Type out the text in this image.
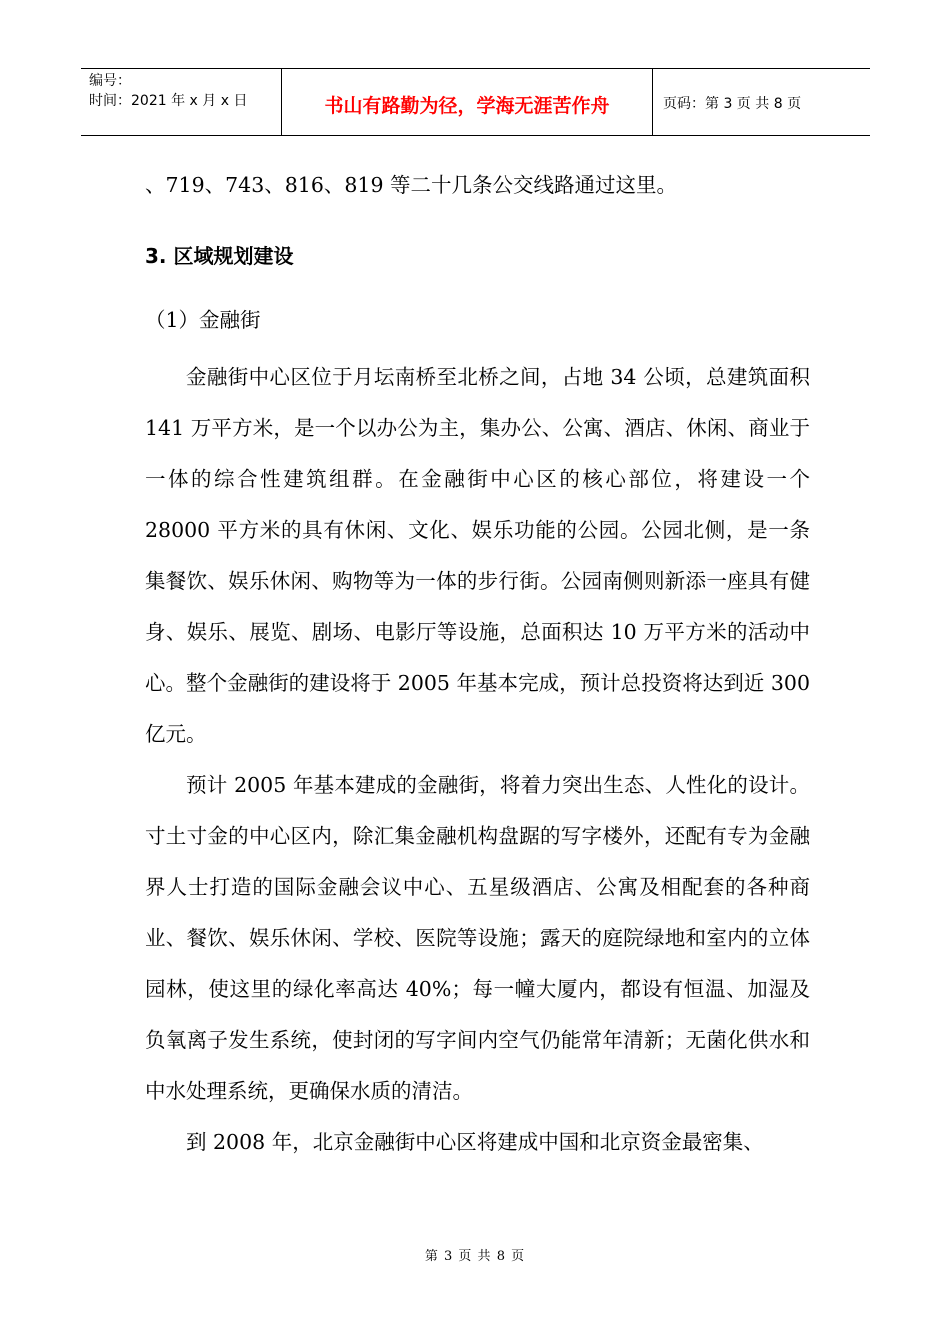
编号：
时间：2021 年 x 月 x 日	书山有路勤为径，学海无涯苦作舟	页码：第 3 页 共 8 页
、719、743、816、819 等二十几条公交线路通过这里。
3. 区域规划建设
（1）金融街

金融街中心区位于月坛南桥至北桥之间，占地 34 公顷，总建筑面积 141 万平方米，是一个以办公为主，集办公、公寓、酒店、休闲、商业于一体的综合性建筑组群。在金融街中心区的核心部位，将建设一个 28000 平方米的具有休闲、文化、娱乐功能的公园。公园北侧，是一条集餐饮、娱乐休闲、购物等为一体的步行街。公园南侧则新添一座具有健身、娱乐、展览、剧场、电影厅等设施，总面积达 10 万平方米的活动中心。整个金融街的建设将于 2005 年基本完成，预计总投资将达到近 300 亿元。

预计 2005 年基本建成的金融街，将着力突出生态、人性化的设计。寸土寸金的中心区内，除汇集金融机构盘踞的写字楼外，还配有专为金融界人士打造的国际金融会议中心、五星级酒店、公寓及相配套的各种商业、餐饮、娱乐休闲、学校、医院等设施；露天的庭院绿地和室内的立体园林，使这里的绿化率高达 40%；每一幢大厦内，都设有恒温、加湿及负氧离子发生系统，使封闭的写字间内空气仍能常年清新；无菌化供水和中水处理系统，更确保水质的清洁。

到 2008 年，北京金融街中心区将建成中国和北京资金最密集、

第 3 页 共 8 页
